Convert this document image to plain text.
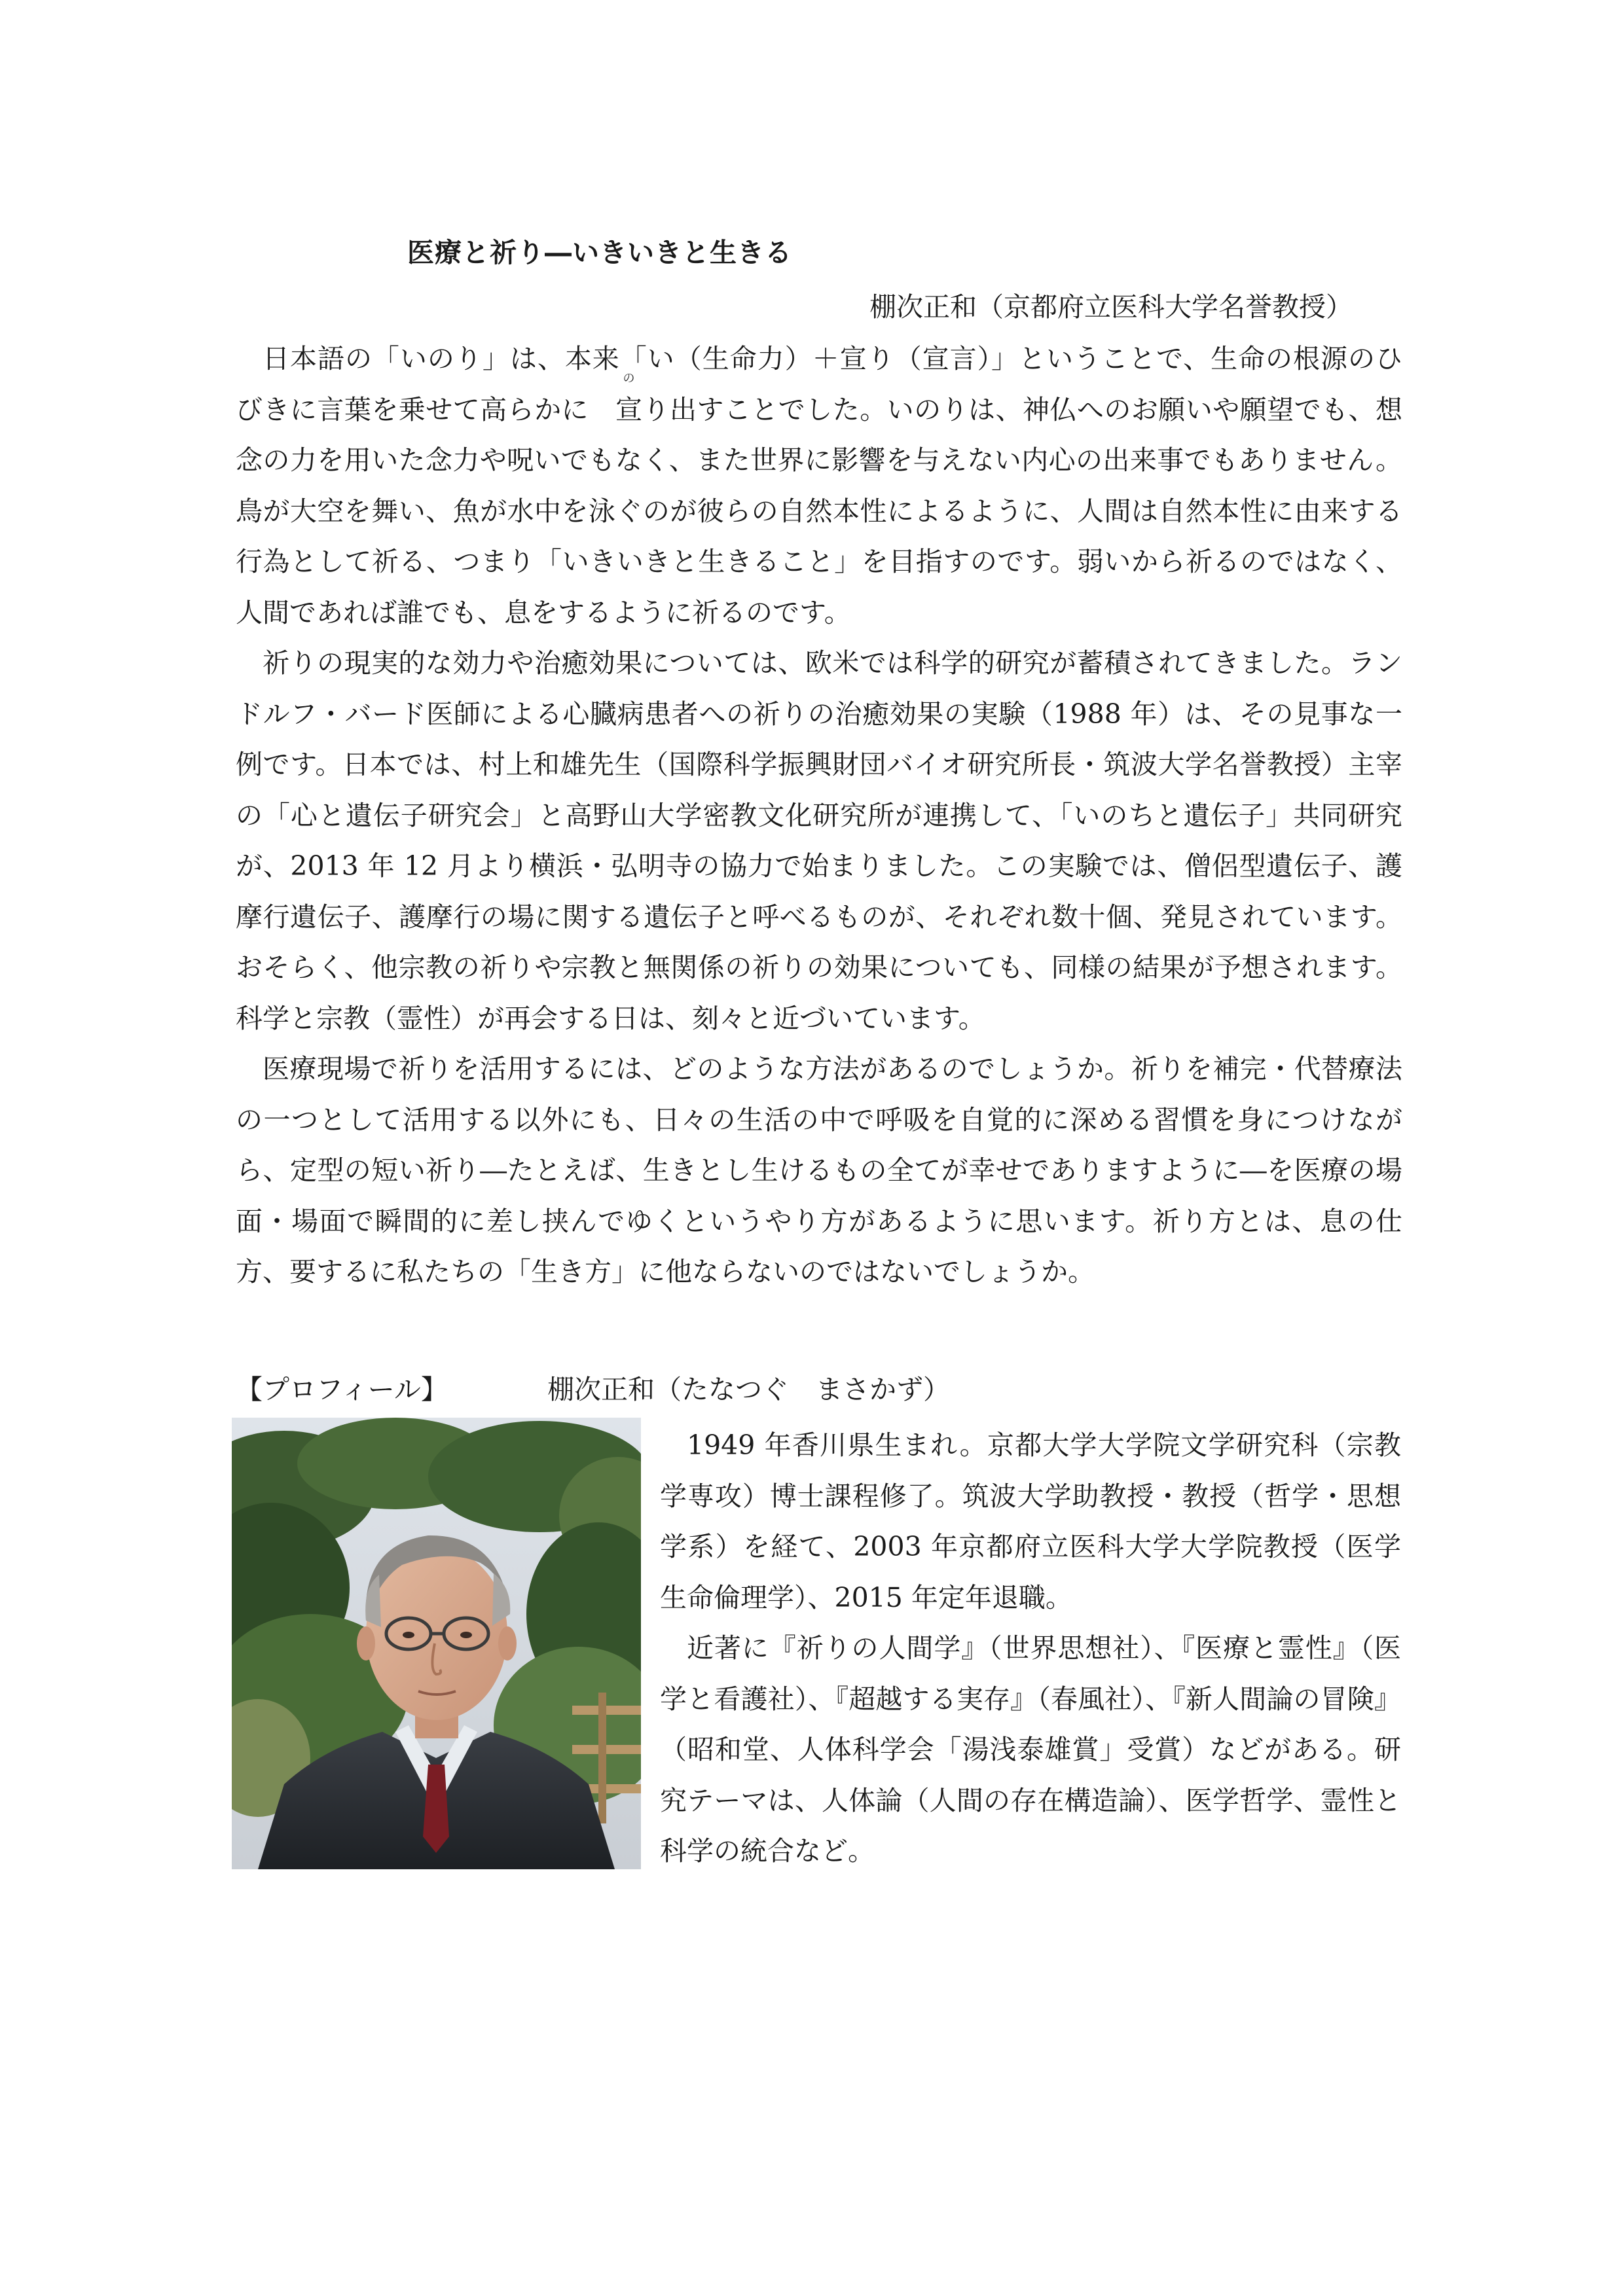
医療と祈り―いきいきと生きる
棚次正和（京都府立医科大学名誉教授）

日本語の「いのり」は、本来「い（生命力）＋宣り（宣言）」ということで、生命の根源のひびきに言葉を乗せて高らかに 宣
の
り出すことでした。いのりは、神仏へのお願いや願望でも、想念の力を用いた念力や呪いでもなく、また世界に影響を与えない内心の出来事でもありません。鳥が大空を舞い、魚が水中を泳ぐのが彼らの自然本性によるように、人間は自然本性に由来する行為として祈る、つまり「いきいきと生きること」を目指すのです。弱いから祈るのではなく、人間であれば誰でも、息をするように祈るのです。

祈りの現実的な効力や治癒効果については、欧米では科学的研究が蓄積されてきました。ランドルフ・バード医師による心臓病患者への祈りの治癒効果の実験（1988 年）は、その見事な一例です。日本では、村上和雄先生（国際科学振興財団バイオ研究所長・筑波大学名誉教授）主宰の「心と遺伝子研究会」と高野山大学密教文化研究所が連携して、「いのちと遺伝子」共同研究が、2013 年 12 月より横浜・弘明寺の協力で始まりました。この実験では、僧侶型遺伝子、護摩行遺伝子、護摩行の場に関する遺伝子と呼べるものが、それぞれ数十個、発見されています。おそらく、他宗教の祈りや宗教と無関係の祈りの効果についても、同様の結果が予想されます。科学と宗教（霊性）が再会する日は、刻々と近づいています。

医療現場で祈りを活用するには、どのような方法があるのでしょうか。祈りを補完・代替療法の一つとして活用する以外にも、日々の生活の中で呼吸を自覚的に深める習慣を身につけながら、定型の短い祈り―たとえば、生きとし生けるもの全てが幸せでありますように―を医療の場面・場面で瞬間的に差し挟んでゆくというやり方があるように思います。祈り方とは、息の仕方、要するに私たちの「生き方」に他ならないのではないでしょうか。

【プロフィール】	棚次正和（たなつぐ　まさかず）

1949 年香川県生まれ。京都大学大学院文学研究科（宗教学専攻）博士課程修了。筑波大学助教授・教授（哲学・思想学系）を経て、2003 年京都府立医科大学大学院教授（医学生命倫理学）、2015 年定年退職。

近著に『祈りの人間学』（世界思想社）、『医療と霊性』（医学と看護社）、『超越する実存』（春風社）、『新人間論の冒険』（昭和堂、人体科学会「湯浅泰雄賞」受賞）などがある。研究テーマは、人体論（人間の存在構造論）、医学哲学、霊性と科学の統合など。
